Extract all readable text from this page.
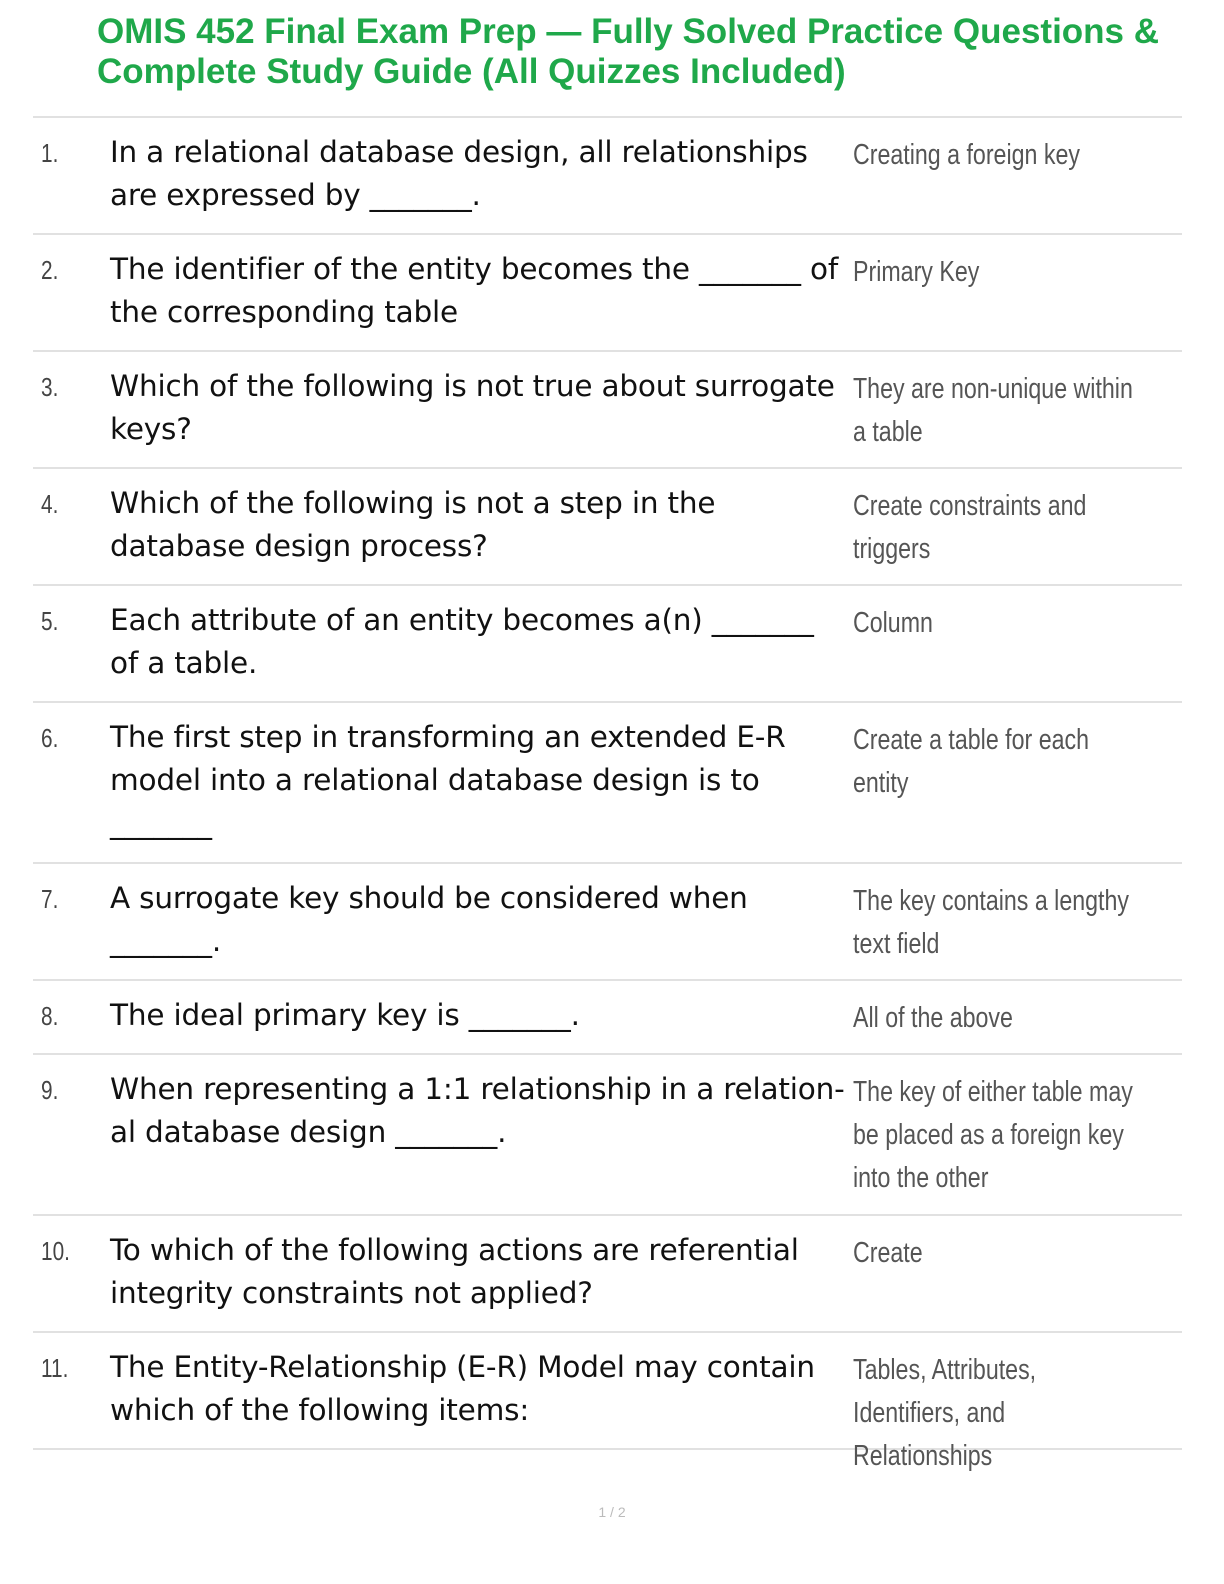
OMIS 452 Final Exam Prep — Fully Solved Practice Questions & Complete Study Guide (All Quizzes Included)
1. In a relational database design, all relationships are expressed by _______.
Creating a foreign key
2. The identifier of the entity becomes the _______ of the corresponding table
Primary Key
3. Which of the following is not true about surrogate keys?
They are non-unique within a table
4. Which of the following is not a step in the database design process?
Create constraints and triggers
5. Each attribute of an entity becomes a(n) _______ of a table.
Column
6. The first step in transforming an extended E-R model into a relational database design is to _______
Create a table for each entity
7. A surrogate key should be considered when _______.
The key contains a lengthy text field
8. The ideal primary key is _______.	All of the above
9. When representing a 1:1 relationship in a relation- al database design _______.
The key of either table may be placed as a foreign key into the other
10. To which of the following actions are referential integrity constraints not applied?
Create
11. The Entity-Relationship (E-R) Model may contain which of the following items:
Tables, Attributes, Identifiers, and Relationships
1 / 2
